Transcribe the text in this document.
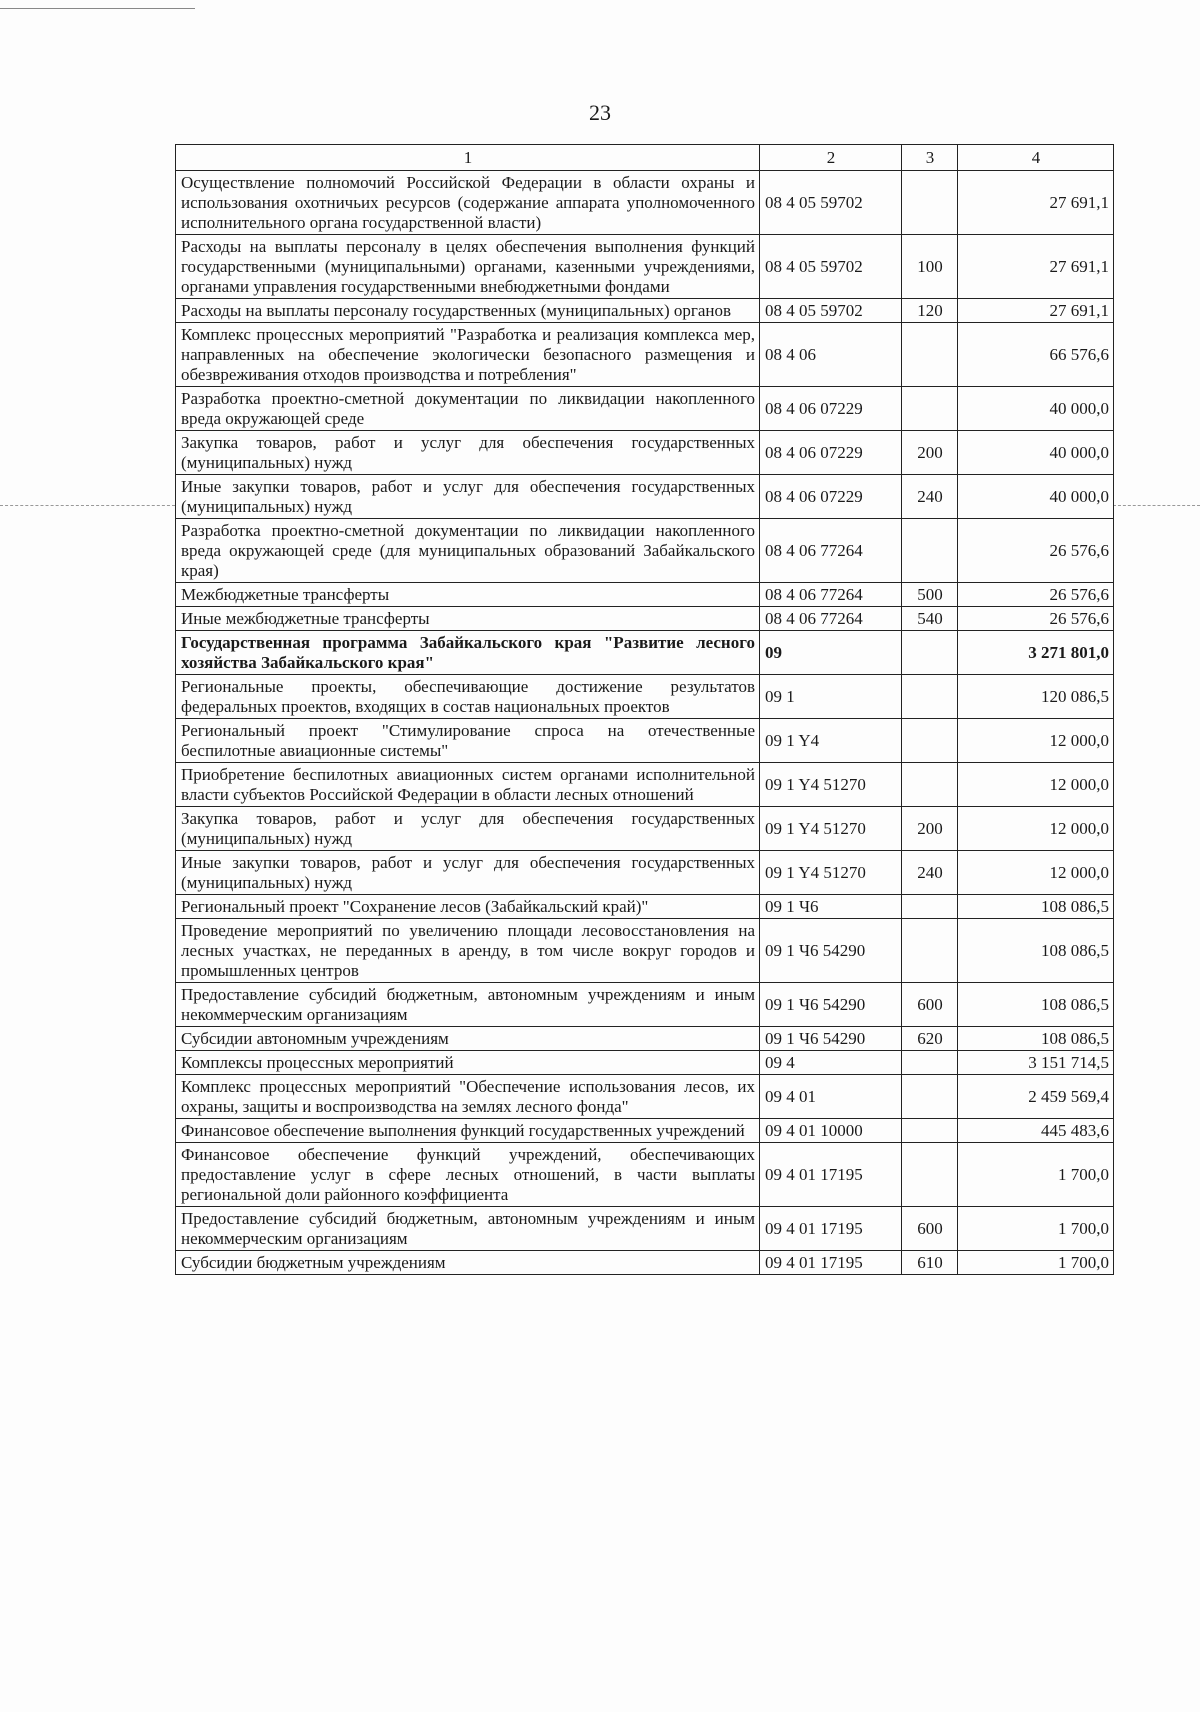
23
1	2	3	4
Осуществление полномочий Российской Федерации в области охраны и использования охотничьих ресурсов (содержание аппарата уполномоченного исполнительного органа государственной власти)	08 4 05 59702		27 691,1
Расходы на выплаты персоналу в целях обеспечения выполнения функций государственными (муниципальными) органами, казенными учреждениями, органами управления государственными внебюджетными фондами	08 4 05 59702	100	27 691,1
Расходы на выплаты персоналу государственных (муниципальных) органов	08 4 05 59702	120	27 691,1
Комплекс процессных мероприятий "Разработка и реализация комплекса мер, направленных на обеспечение экологически безопасного размещения и обезвреживания отходов производства и потребления"	08 4 06		66 576,6
Разработка проектно-сметной документации по ликвидации накопленного вреда окружающей среде	08 4 06 07229		40 000,0
Закупка товаров, работ и услуг для обеспечения государственных (муниципальных) нужд	08 4 06 07229	200	40 000,0
Иные закупки товаров, работ и услуг для обеспечения государственных (муниципальных) нужд	08 4 06 07229	240	40 000,0
Разработка проектно-сметной документации по ликвидации накопленного вреда окружающей среде (для муниципальных образований Забайкальского края)	08 4 06 77264		26 576,6
Межбюджетные трансферты	08 4 06 77264	500	26 576,6
Иные межбюджетные трансферты	08 4 06 77264	540	26 576,6
Государственная программа Забайкальского края "Развитие лесного хозяйства Забайкальского края"	09		3 271 801,0
Региональные проекты, обеспечивающие достижение результатов федеральных проектов, входящих в состав национальных проектов	09 1		120 086,5
Региональный проект "Стимулирование спроса на отечественные беспилотные авиационные системы"	09 1 Y4		12 000,0
Приобретение беспилотных авиационных систем органами исполнительной власти субъектов Российской Федерации в области лесных отношений	09 1 Y4 51270		12 000,0
Закупка товаров, работ и услуг для обеспечения государственных (муниципальных) нужд	09 1 Y4 51270	200	12 000,0
Иные закупки товаров, работ и услуг для обеспечения государственных (муниципальных) нужд	09 1 Y4 51270	240	12 000,0
Региональный проект "Сохранение лесов (Забайкальский край)"	09 1 Ч6		108 086,5
Проведение мероприятий по увеличению площади лесовосстановления на лесных участках, не переданных в аренду, в том числе вокруг городов и промышленных центров	09 1 Ч6 54290		108 086,5
Предоставление субсидий бюджетным, автономным учреждениям и иным некоммерческим организациям	09 1 Ч6 54290	600	108 086,5
Субсидии автономным учреждениям	09 1 Ч6 54290	620	108 086,5
Комплексы процессных мероприятий	09 4		3 151 714,5
Комплекс процессных мероприятий "Обеспечение использования лесов, их охраны, защиты и воспроизводства на землях лесного фонда"	09 4 01		2 459 569,4
Финансовое обеспечение выполнения функций государственных учреждений	09 4 01 10000		445 483,6
Финансовое обеспечение функций учреждений, обеспечивающих предоставление услуг в сфере лесных отношений, в части выплаты региональной доли районного коэффициента	09 4 01 17195		1 700,0
Предоставление субсидий бюджетным, автономным учреждениям и иным некоммерческим организациям	09 4 01 17195	600	1 700,0
Субсидии бюджетным учреждениям	09 4 01 17195	610	1 700,0
